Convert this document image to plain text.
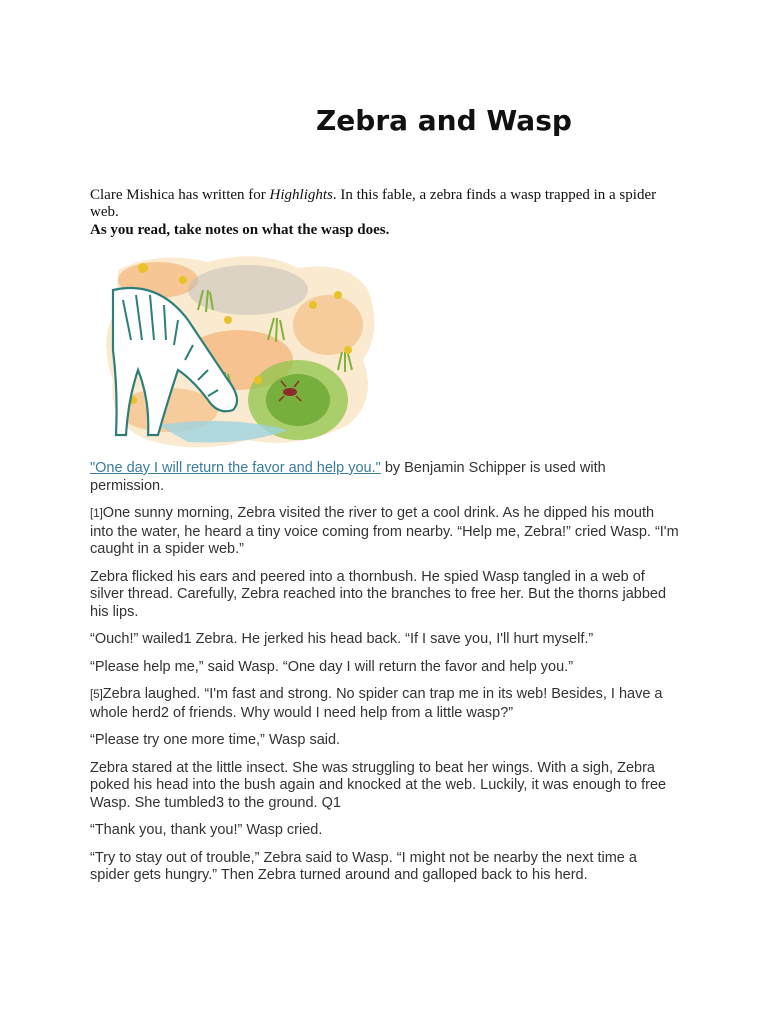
Zebra and Wasp

Clare Mishica has written for Highlights. In this fable, a zebra finds a wasp trapped in a spider web.

As you read, take notes on what the wasp does.

"One day I will return the favor and help you." by Benjamin Schipper is used with permission.

[1]One sunny morning, Zebra visited the river to get a cool drink. As he dipped his mouth into the water, he heard a tiny voice coming from nearby. “Help me, Zebra!” cried Wasp. “I'm caught in a spider web.”

Zebra flicked his ears and peered into a thornbush. He spied Wasp tangled in a web of silver thread. Carefully, Zebra reached into the branches to free her. But the thorns jabbed his lips.

“Ouch!” wailed1 Zebra. He jerked his head back. “If I save you, I'll hurt myself.”

“Please help me,” said Wasp. “One day I will return the favor and help you.”

[5]Zebra laughed. “I'm fast and strong. No spider can trap me in its web! Besides, I have a whole herd2 of friends. Why would I need help from a little wasp?”

“Please try one more time,” Wasp said.

Zebra stared at the little insect. She was struggling to beat her wings. With a sigh, Zebra poked his head into the bush again and knocked at the web. Luckily, it was enough to free Wasp. She tumbled3 to the ground. Q1

“Thank you, thank you!” Wasp cried.

“Try to stay out of trouble,” Zebra said to Wasp. “I might not be nearby the next time a spider gets hungry.” Then Zebra turned around and galloped back to his herd.
